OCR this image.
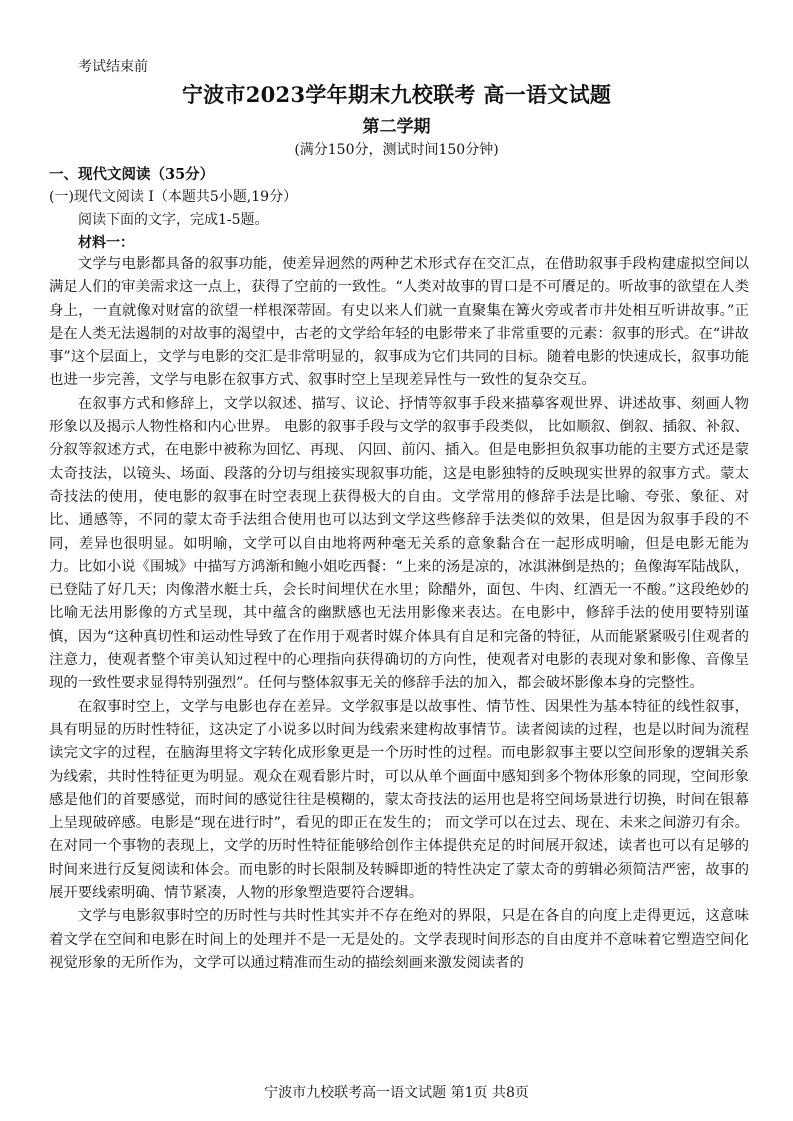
考试结束前
宁波市2023学年期末九校联考 高一语文试题
第二学期
(满分150分，测试时间150分钟)
一、现代文阅读（35分）
(一)现代文阅读 Ⅰ（本题共5小题,19分）
阅读下面的文字，完成1-5题。
材料一：

文学与电影都具备的叙事功能，使差异迥然的两种艺术形式存在交汇点，在借助叙事手段构建虚拟空间以满足人们的审美需求这一点上，获得了空前的一致性。“人类对故事的胃口是不可餍足的。听故事的欲望在人类身上，一直就像对财富的欲望一样根深蒂固。有史以来人们就一直聚集在篝火旁或者市井处相互听讲故事。”正是在人类无法遏制的对故事的渴望中，古老的文学给年轻的电影带来了非常重要的元素：叙事的形式。在“讲故事”这个层面上，文学与电影的交汇是非常明显的，叙事成为它们共同的目标。随着电影的快速成长，叙事功能也进一步完善，文学与电影在叙事方式、叙事时空上呈现差异性与一致性的复杂交互。

在叙事方式和修辞上，文学以叙述、描写、议论、抒情等叙事手段来描摹客观世界、讲述故事、刻画人物形象以及揭示人物性格和内心世界。 电影的叙事手段与文学的叙事手段类似， 比如顺叙、倒叙、插叙、补叙、分叙等叙述方式，在电影中被称为回忆、再现、 闪回、前闪、插入。但是电影担负叙事功能的主要方式还是蒙太奇技法，以镜头、场面、段落的分切与组接实现叙事功能，这是电影独特的反映现实世界的叙事方式。蒙太奇技法的使用，使电影的叙事在时空表现上获得极大的自由。文学常用的修辞手法是比喻、夸张、象征、对比、通感等，不同的蒙太奇手法组合使用也可以达到文学这些修辞手法类似的效果，但是因为叙事手段的不同，差异也很明显。如明喻，文学可以自由地将两种毫无关系的意象黏合在一起形成明喻，但是电影无能为力。比如小说《围城》中描写方鸿渐和鲍小姐吃西餐：“上来的汤是凉的，冰淇淋倒是热的；鱼像海军陆战队，已登陆了好几天；肉像潜水艇士兵，会长时间埋伏在水里；除醋外，面包、牛肉、红酒无一不酸。”这段绝妙的比喻无法用影像的方式呈现，其中蕴含的幽默感也无法用影像来表达。在电影中，修辞手法的使用要特别谨慎，因为“这种真切性和运动性导致了在作用于观者时媒介体具有自足和完备的特征，从而能紧紧吸引住观者的注意力，使观者整个审美认知过程中的心理指向获得确切的方向性，使观者对电影的表现对象和影像、音像呈现的一致性要求显得特别强烈”。任何与整体叙事无关的修辞手法的加入，都会破坏影像本身的完整性。

在叙事时空上，文学与电影也存在差异。文学叙事是以故事性、情节性、因果性为基本特征的线性叙事，具有明显的历时性特征，这决定了小说多以时间为线索来建构故事情节。读者阅读的过程，也是以时间为流程读完文字的过程，在脑海里将文字转化成形象更是一个历时性的过程。而电影叙事主要以空间形象的逻辑关系为线索，共时性特征更为明显。观众在观看影片时，可以从单个画面中感知到多个物体形象的同现，空间形象感是他们的首要感觉，而时间的感觉往往是模糊的，蒙太奇技法的运用也是将空间场景进行切换，时间在银幕上呈现破碎感。电影是“现在进行时”，看见的即正在发生的； 而文学可以在过去、现在、未来之间游刃有余。在对同一个事物的表现上，文学的历时性特征能够给创作主体提供充足的时间展开叙述，读者也可以有足够的时间来进行反复阅读和体会。而电影的时长限制及转瞬即逝的特性决定了蒙太奇的剪辑必须简洁严密，故事的展开要线索明确、情节紧凑，人物的形象塑造要符合逻辑。

文学与电影叙事时空的历时性与共时性其实并不存在绝对的界限，只是在各自的向度上走得更远，这意味着文学在空间和电影在时间上的处理并不是一无是处的。文学表现时间形态的自由度并不意味着它塑造空间化视觉形象的无所作为，文学可以通过精准而生动的描绘刻画来激发阅读者的

宁波市九校联考高一语文试题 第1页 共8页
